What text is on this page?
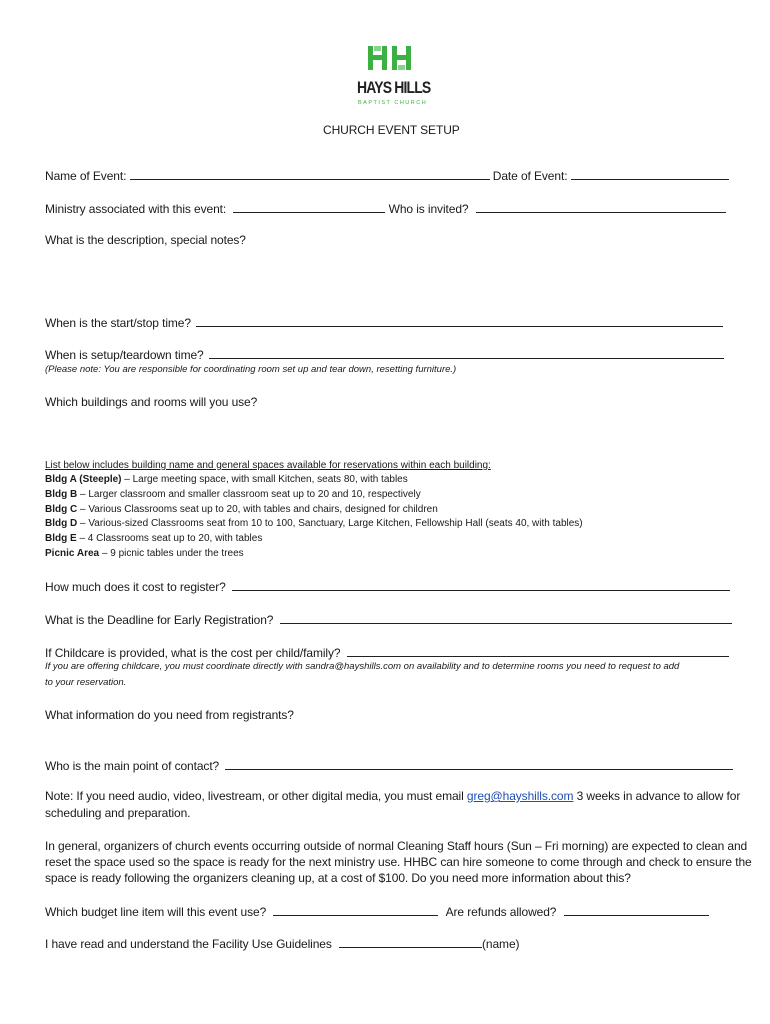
HAYS HILLS
BAPTIST CHURCH
CHURCH EVENT SETUP
Name of Event:	Date of Event:
Ministry associated with this event:	Who is invited?
What is the description, special notes?
When is the start/stop time?
When is setup/teardown time?
(Please note: You are responsible for coordinating room set up and tear down, resetting furniture.)
Which buildings and rooms will you use?
List below includes building name and general spaces available for reservations within each building:
Bldg A (Steeple) – Large meeting space, with small Kitchen, seats 80, with tables
Bldg B – Larger classroom and smaller classroom seat up to 20 and 10, respectively
Bldg C – Various Classrooms seat up to 20, with tables and chairs, designed for children
Bldg D – Various-sized Classrooms seat from 10 to 100, Sanctuary, Large Kitchen, Fellowship Hall (seats 40, with tables)
Bldg E – 4 Classrooms seat up to 20, with tables
Picnic Area – 9 picnic tables under the trees
How much does it cost to register?
What is the Deadline for Early Registration?
If Childcare is provided, what is the cost per child/family?
If you are offering childcare, you must coordinate directly with sandra@hayshills.com on availability and to determine rooms you need to request to add
to your reservation.
What information do you need from registrants?
Who is the main point of contact?
Note: If you need audio, video, livestream, or other digital media, you must email greg@hayshills.com 3 weeks in advance to allow for
scheduling and preparation.
In general, organizers of church events occurring outside of normal Cleaning Staff hours (Sun – Fri morning) are expected to clean and
reset the space used so the space is ready for the next ministry use. HHBC can hire someone to come through and check to ensure the
space is ready following the organizers cleaning up, at a cost of $100. Do you need more information about this?
Which budget line item will this event use?	Are refunds allowed?
I have read and understand the Facility Use Guidelines	(name)
